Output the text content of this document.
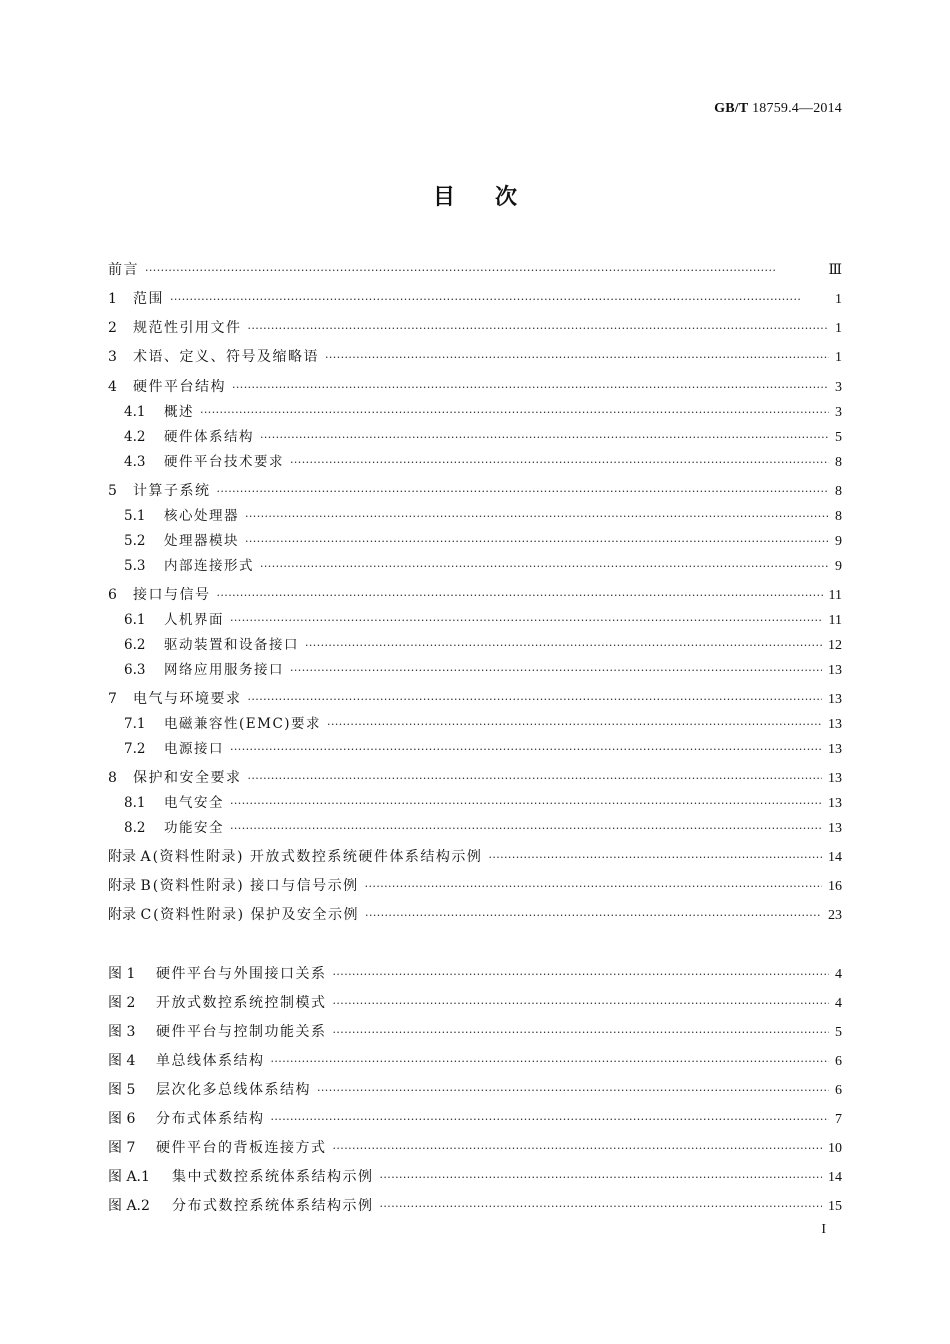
GB/T 18759.4—2014
目次
前言 ·····	Ⅲ
1	范围 ·····	1
2	规范性引用文件 ·····	1
3	术语、定义、符号及缩略语 ·····	1
4	硬件平台结构 ·····	3
4.1	概述 ·····	3
4.2	硬件体系结构 ·····	5
4.3	硬件平台技术要求 ·····	8
5	计算子系统 ·····	8
5.1	核心处理器 ·····	8
5.2	处理器模块 ·····	9
5.3	内部连接形式 ·····	9
6	接口与信号 ·····	11
6.1	人机界面 ·····	11
6.2	驱动装置和设备接口 ·····	12
6.3	网络应用服务接口 ·····	13
7	电气与环境要求 ·····	13
7.1	电磁兼容性(EMC)要求 ·····	13
7.2	电源接口 ·····	13
8	保护和安全要求 ·····	13
8.1	电气安全 ·····	13
8.2	功能安全 ·····	13
附录 A (资料性附录) 开放式数控系统硬件体系结构示例 ·····	14
附录 B (资料性附录) 接口与信号示例 ·····	16
附录 C (资料性附录) 保护及安全示例 ·····	23
图 1	硬件平台与外围接口关系 ·····	4
图 2	开放式数控系统控制模式 ·····	4
图 3	硬件平台与控制功能关系 ·····	5
图 4	单总线体系结构 ·····	6
图 5	层次化多总线体系结构 ·····	6
图 6	分布式体系结构 ·····	7
图 7	硬件平台的背板连接方式 ·····	10
图 A.1	集中式数控系统体系结构示例 ·····	14
图 A.2	分布式数控系统体系结构示例 ·····	15
I
